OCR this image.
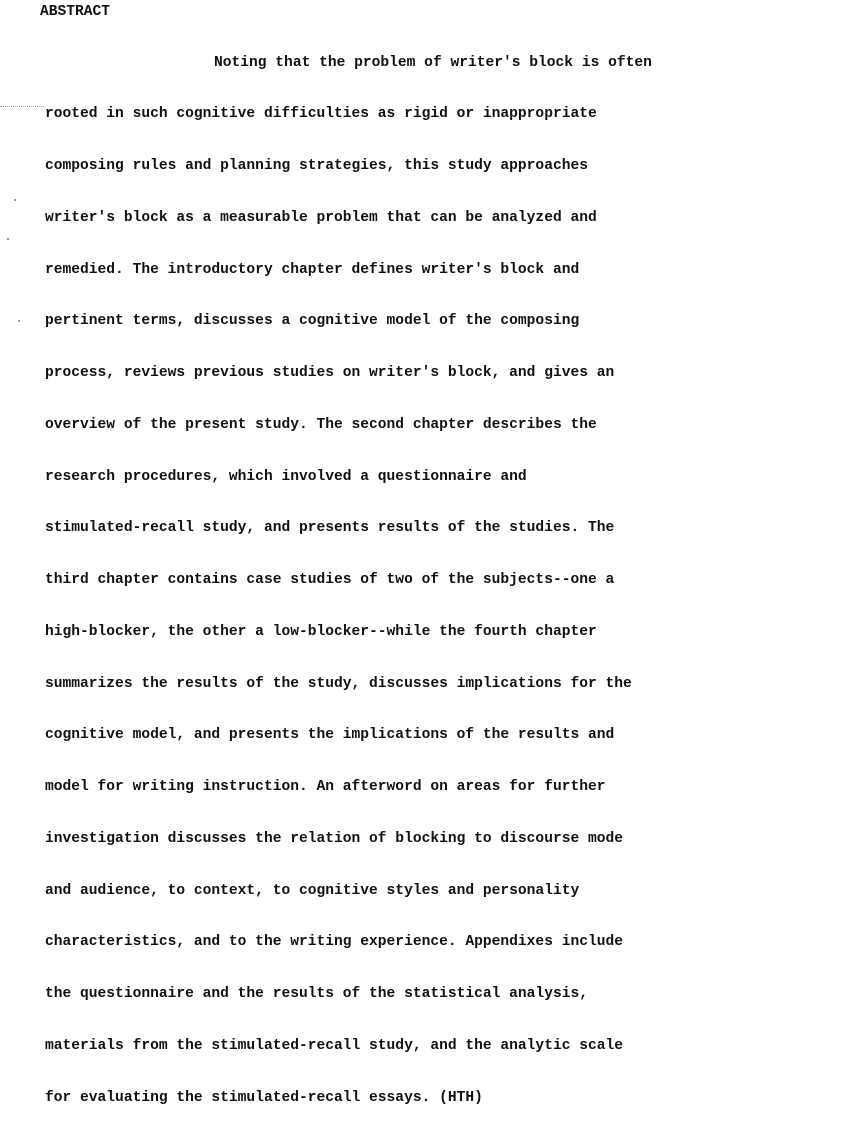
ABSTRACT

Noting that the problem of writer's block is often

rooted in such cognitive difficulties as rigid or inappropriate

composing rules and planning strategies, this study approaches

writer's block as a measurable problem that can be analyzed and

remedied. The introductory chapter defines writer's block and

pertinent terms, discusses a cognitive model of the composing

process, reviews previous studies on writer's block, and gives an

overview of the present study. The second chapter describes the

research procedures, which involved a questionnaire and

stimulated-recall study, and presents results of the studies. The

third chapter contains case studies of two of the subjects--one a

high-blocker, the other a low-blocker--while the fourth chapter

summarizes the results of the study, discusses implications for the

cognitive model, and presents the implications of the results and

model for writing instruction. An afterword on areas for further

investigation discusses the relation of blocking to discourse mode

and audience, to context, to cognitive styles and personality

characteristics, and to the writing experience. Appendixes include

the questionnaire and the results of the statistical analysis,

materials from the stimulated-recall study, and the analytic scale

for evaluating the stimulated-recall essays. (HTH)
